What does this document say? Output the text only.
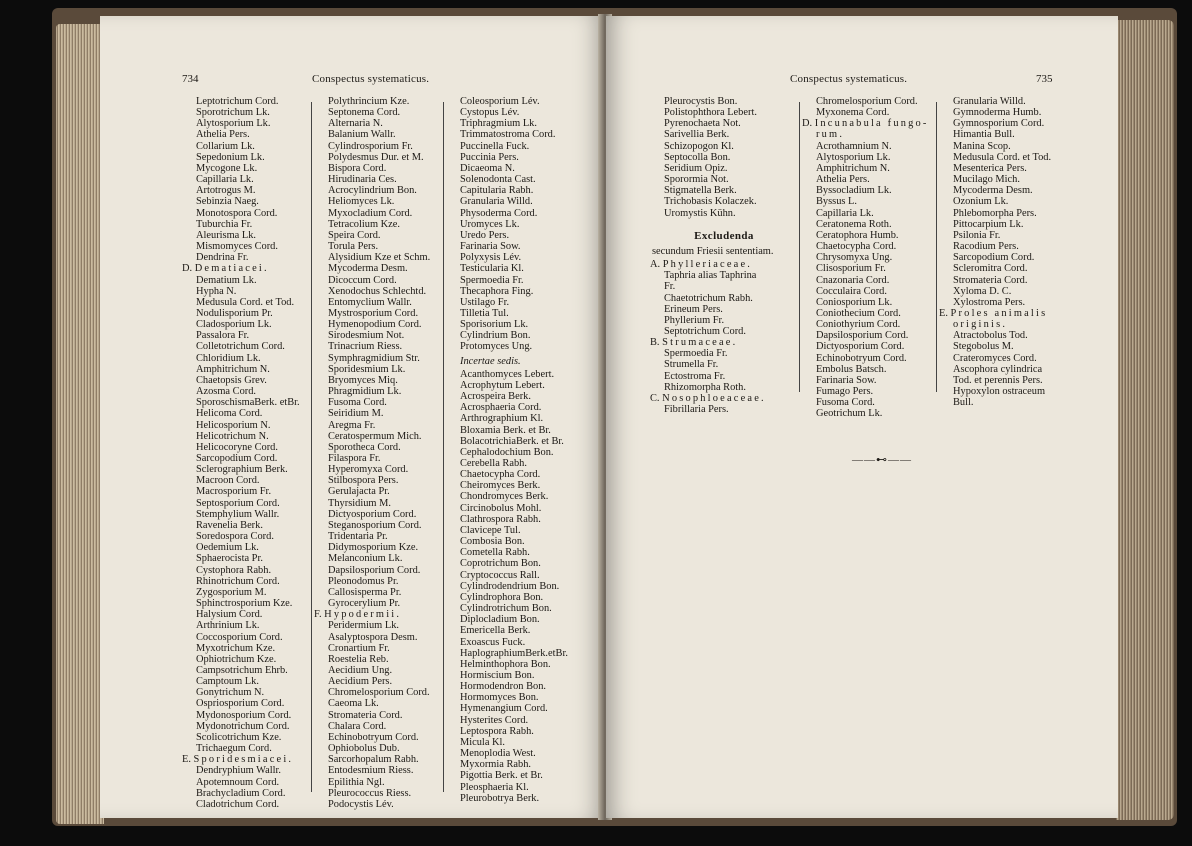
734	Conspectus systematicus.
Leptotrichum Cord.
Sporotrichum Lk.
Alytosporium Lk.
Athelia Pers.
Collarium Lk.
Sepedonium Lk.
Mycogone Lk.
Capillaria Lk.
Artotrogus M.
Sebinzia Naeg.
Monotospora Cord.
Tuburchia Fr.
Aleurisma Lk.
Mismomyces Cord.
Dendrina Fr.
D. Dematiacei.
Dematium Lk.
Hypha N.
Medusula Cord. et Tod.
Nodulisporium Pr.
Cladosporium Lk.
Passalora Fr.
Colletotrichum Cord.
Chloridium Lk.
Amphitrichum N.
Chaetopsis Grev.
Azosma Cord.
SporoschismaBerk. etBr.
Helicoma Cord.
Helicosporium N.
Helicotrichum N.
Helicocoryne Cord.
Sarcopodium Cord.
Sclerographium Berk.
Macroon Cord.
Macrosporium Fr.
Septosporium Cord.
Stemphylium Wallr.
Ravenelia Berk.
Soredospora Cord.
Oedemium Lk.
Sphaerocista Pr.
Cystophora Rabh.
Rhinotrichum Cord.
Zygosporium M.
Sphinctrosporium Kze.
Halysium Cord.
Arthrinium Lk.
Coccosporium Cord.
Myxotrichum Kze.
Ophiotrichum Kze.
Campsotrichum Ehrb.
Camptoum Lk.
Gonytrichum N.
Ospriosporium Cord.
Mydonosporium Cord.
Mydonotrichum Cord.
Scolicotrichum Kze.
Trichaegum Cord.
E. Sporidesmiacei.
Dendryphium Wallr.
Apotemnoum Cord.
Brachycladium Cord.
Cladotrichum Cord.
Polythrincium Kze.
Septonema Cord.
Alternaria N.
Balanium Wallr.
Cylindrosporium Fr.
Polydesmus Dur. et M.
Bispora Cord.
Hirudinaria Ces.
Acrocylindrium Bon.
Heliomyces Lk.
Myxocladium Cord.
Tetracolium Kze.
Speira Cord.
Torula Pers.
Alysidium Kze et Schm.
Mycoderma Desm.
Dicoccum Cord.
Xenodochus Schlechtd.
Entomyclium Wallr.
Mystrosporium Cord.
Hymenopodium Cord.
Sirodesmium Not.
Trinacrium Riess.
Symphragmidium Str.
Sporidesmium Lk.
Bryomyces Miq.
Phragmidium Lk.
Fusoma Cord.
Seiridium M.
Aregma Fr.
Ceratospermum Mich.
Sporotheca Cord.
Filaspora Fr.
Hyperomyxa Cord.
Stilbospora Pers.
Gerulajacta Pr.
Thyrsidium M.
Dictyosporium Cord.
Steganosporium Cord.
Tridentaria Pr.
Didymosporium Kze.
Melanconium Lk.
Dapsilosporium Cord.
Pleonodomus Pr.
Callosisperma Pr.
Gyrocerylium Pr.
F. Hypodermii.
Peridermium Lk.
Asalyptospora Desm.
Cronartium Fr.
Roestelia Reb.
Aecidium Ung.
Aecidium Pers.
Chromelosporium Cord.
Caeoma Lk.
Stromateria Cord.
Chalara Cord.
Echinobotryum Cord.
Ophiobolus Dub.
Sarcorhopalum Rabh.
Entodesmium Riess.
Epilithia Ngl.
Pleurococcus Riess.
Podocystis Lév.
Coleosporium Lév.
Cystopus Lév.
Triphragmium Lk.
Trimmatostroma Cord.
Puccinella Fuck.
Puccinia Pers.
Dicaeoma N.
Solenodonta Cast.
Capitularia Rabh.
Granularia Willd.
Physoderma Cord.
Uromyces Lk.
Uredo Pers.
Farinaria Sow.
Polyxysis Lév.
Testicularia Kl.
Spermoedia Fr.
Thecaphora Fing.
Ustilago Fr.
Tilletia Tul.
Sporisorium Lk.
Cylindrium Bon.
Protomyces Ung.
Incertae sedis.
Acanthomyces Lebert.
Acrophytum Lebert.
Acrospeira Berk.
Acrosphaeria Cord.
Arthrographium Kl.
Bloxamia Berk. et Br.
BolacotrichiaBerk. et Br.
Cephalodochium Bon.
Cerebella Rabh.
Chaetocypha Cord.
Cheiromyces Berk.
Chondromyces Berk.
Circinobolus Mohl.
Clathrospora Rabh.
Clavicepe Tul.
Combosia Bon.
Cometella Rabh.
Coprotrichum Bon.
Cryptococcus Rall.
Cylindrodendrium Bon.
Cylindrophora Bon.
Cylindrotrichum Bon.
Diplocladium Bon.
Emericella Berk.
Exoascus Fuck.
HaplographiumBerk.etBr.
Helminthophora Bon.
Hormiscium Bon.
Hormodendron Bon.
Hormomyces Bon.
Hymenangium Cord.
Hysterites Cord.
Leptospora Rabh.
Micula Kl.
Menoplodia West.
Myxormia Rabh.
Pigottia Berk. et Br.
Pleosphaeria Kl.
Pleurobotrya Berk.
Conspectus systematicus.	735
Pleurocystis Bon.
Polistophthora Lebert.
Pyrenochaeta Not.
Sarivellia Berk.
Schizopogon Kl.
Septocolla Bon.
Seridium Opiz.
Sporormia Not.
Stigmatella Berk.
Trichobasis Kolaczek.
Uromystis Kühn.
Excludenda
secundum Friesii sententiam.
A. Phylleriaceae.
Taphria alias Taphrina
Fr.
Chaetotrichum Rabh.
Erineum Pers.
Phyllerium Fr.
Septotrichum Cord.
B. Strumaceae.
Spermoedia Fr.
Strumella Fr.
Ectostroma Fr.
Rhizomorpha Roth.
C. Nosophloeaceae.
Fibrillaria Pers.
Chromelosporium Cord.
Myxonema Cord.
D. Incunabula fungo-
rum.
Acrothamnium N.
Alytosporium Lk.
Amphitrichum N.
Athelia Pers.
Byssocladium Lk.
Byssus L.
Capillaria Lk.
Ceratonema Roth.
Ceratophora Humb.
Chaetocypha Cord.
Chrysomyxa Ung.
Clisosporium Fr.
Cnazonaria Cord.
Cocculaira Cord.
Coniosporium Lk.
Coniothecium Cord.
Coniothyrium Cord.
Dapsilosporium Cord.
Dictyosporium Cord.
Echinobotryum Cord.
Embolus Batsch.
Farinaria Sow.
Fumago Pers.
Fusoma Cord.
Geotrichum Lk.
Granularia Willd.
Gymnoderma Humb.
Gymnosporium Cord.
Himantia Bull.
Manina Scop.
Medusula Cord. et Tod.
Mesenterica Pers.
Mucilago Mich.
Mycoderma Desm.
Ozonium Lk.
Phlebomorpha Pers.
Pittocarpium Lk.
Psilonia Fr.
Racodium Pers.
Sarcopodium Cord.
Scleromitra Cord.
Stromateria Cord.
Xyloma D. C.
Xylostroma Pers.
E. Proles animalis
originis.
Atractobolus Tod.
Stegobolus M.
Crateromyces Cord.
Ascophora cylindrica
Tod. et perennis Pers.
Hypoxylon ostraceum
Bull.
——⊷——
